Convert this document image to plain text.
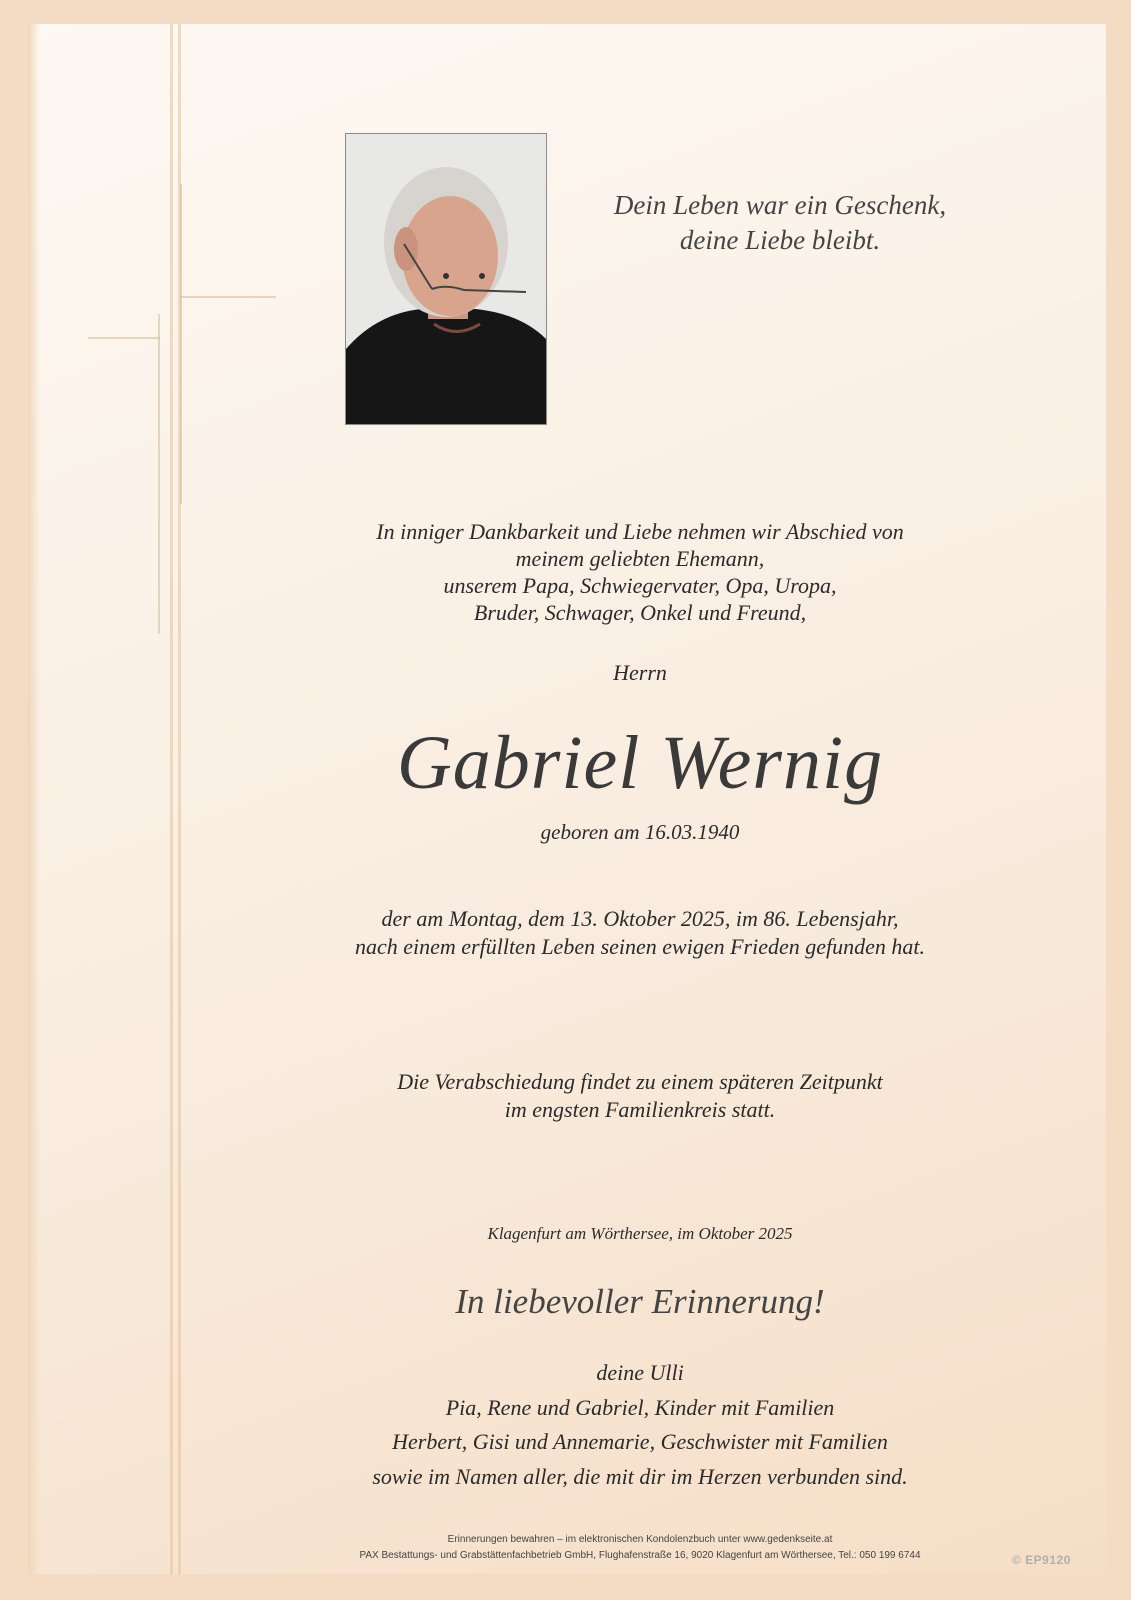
Dein Leben war ein Geschenk,
deine Liebe bleibt.
In inniger Dankbarkeit und Liebe nehmen wir Abschied von
meinem geliebten Ehemann,
unserem Papa, Schwiegervater, Opa, Uropa,
Bruder, Schwager, Onkel und Freund,
Herrn
Gabriel Wernig
geboren am 16.03.1940
der am Montag, dem 13. Oktober 2025, im 86. Lebensjahr,
nach einem erfüllten Leben seinen ewigen Frieden gefunden hat.
Die Verabschiedung findet zu einem späteren Zeitpunkt
im engsten Familienkreis statt.
Klagenfurt am Wörthersee, im Oktober 2025
In liebevoller Erinnerung!
deine Ulli
Pia, Rene und Gabriel, Kinder mit Familien
Herbert, Gisi und Annemarie, Geschwister mit Familien
sowie im Namen aller, die mit dir im Herzen verbunden sind.
Erinnerungen bewahren – im elektronischen Kondolenzbuch unter www.gedenkseite.at
PAX Bestattungs- und Grabstättenfachbetrieb GmbH, Flughafenstraße 16, 9020 Klagenfurt am Wörthersee, Tel.: 050 199 6744	© EP9120
